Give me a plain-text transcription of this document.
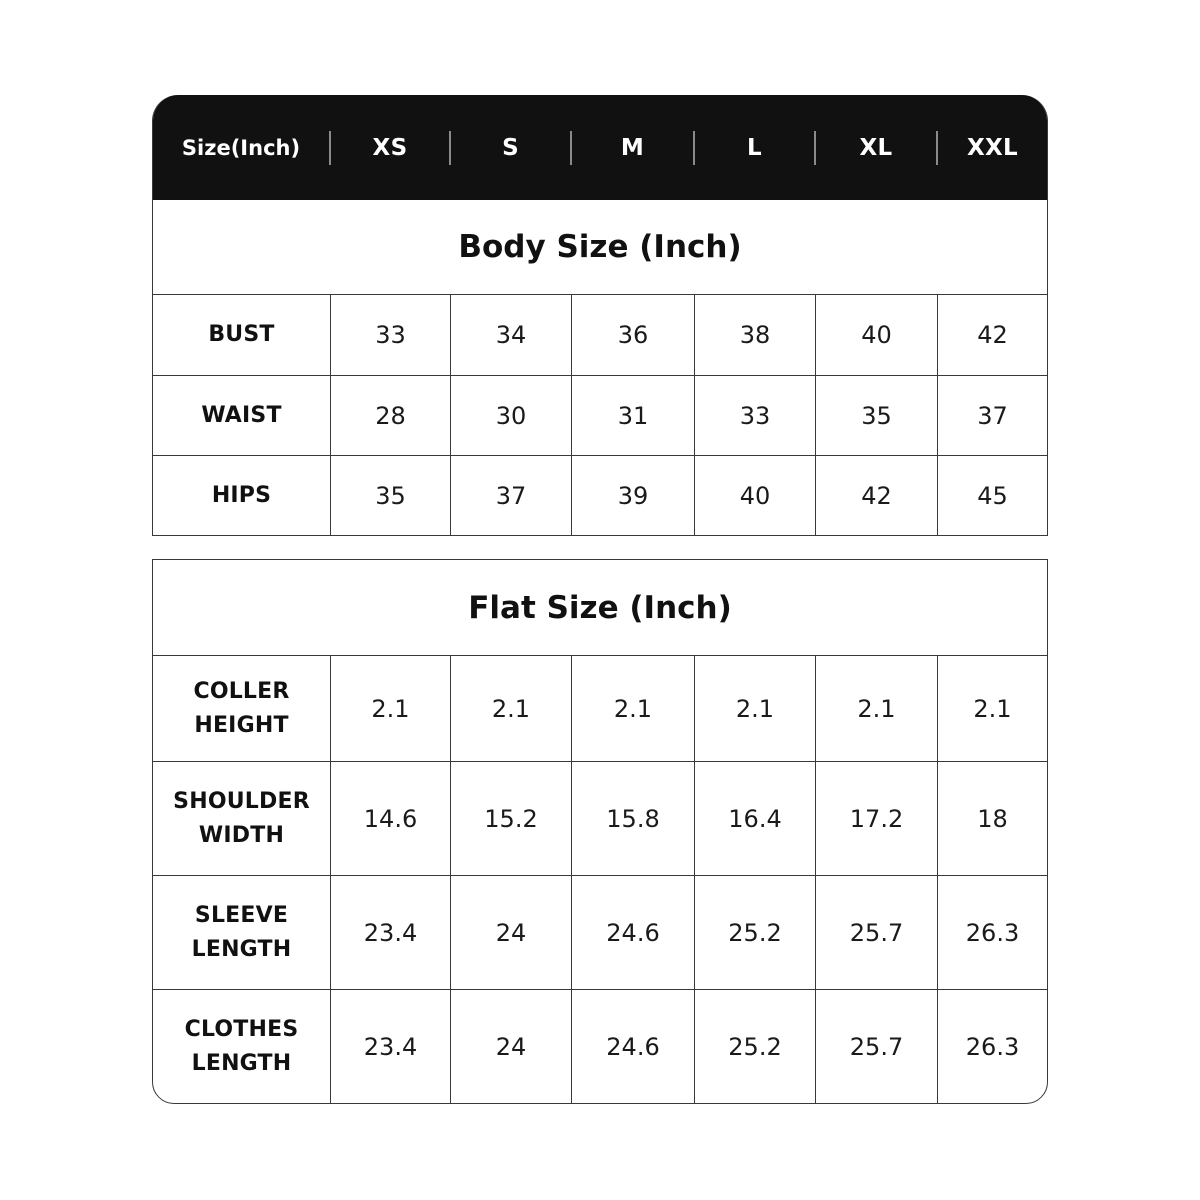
Size(Inch)	XS	S	M	L	XL	XXL
Body Size (Inch)
BUST	33	34	36	38	40	42
WAIST	28	30	31	33	35	37
HIPS	35	37	39	40	42	45
Flat Size (Inch)
COLLER
HEIGHT
2.1	2.1	2.1	2.1	2.1	2.1
SHOULDER
WIDTH
14.6	15.2	15.8	16.4	17.2	18
SLEEVE
LENGTH
23.4	24	24.6	25.2	25.7	26.3
CLOTHES
LENGTH
23.4	24	24.6	25.2	25.7	26.3
